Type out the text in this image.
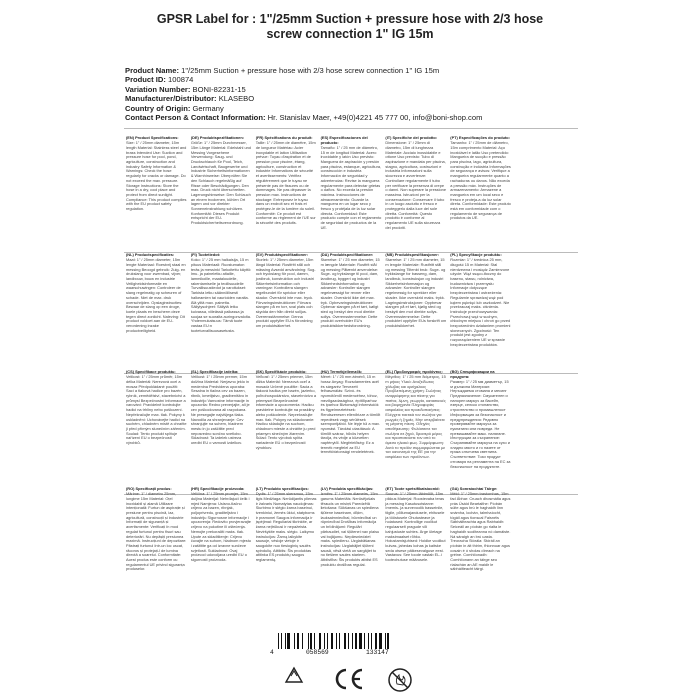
GPSR Label for : 1"/25mm Suction + pressure hose with 2/3 hose
screw connection 1" IG 15m
Product Name: 1"/25mm Suction + pressure hose with 2/3 hose screw connection 1" IG 15m
Product ID: 100874
Variation Number: BONI-82231-15
Manufacturer/Distributor: KLASEBO
Country of Origin: Germany
Contact Person & Contact Information: Hr. Stanislav Maer, +49(0)4221 45 777 00, info@boni-shop.com
(EN) Product Specifications:

Size: 1" / 25mm diameter, 15m length Material: Stainless steel and brass Intended Use: Suction and pressure hose for pool, pond, agriculture, construction and industry Safety Information & Warnings: Check the hose regularly for cracks or damage. Do not exceed the max. pressure. Storage Instructions: Store the hose in a dry, cool place and protect from direct sunlight. Compliance: This product complies with the EU product safety regulation.

(DE) Produktspezifikationen:

Größe: 1" / 25mm Durchmesser, 15m Länge Material: Edelstahl und Messing Vorgesehene Verwendung: Saug- und Druckschlauch für Pool, Teich, Landwirtschaft, Baugewerbe und Industrie Sicherheitsinformationen & Warnhinweise: Überprüfen Sie den Schlauch regelmäßig auf Risse oder Beschädigungen. Den max. Druck nicht überschreiten. Lagerungshinweise: Den Schlauch an einem trockenen, kühlen Ort lagern und vor direkter Sonneneinstrahlung schützen. Konformität: Dieses Produkt entspricht der EU-Produktsicherheitsverordnung.

(FR) Spécifications du produit:

Taille: 1" / 25mm de diamètre, 15m de longueur Matériau: Acier inoxydable et laiton Utilisation prévue: Tuyau d'aspiration et de pression pour piscine, étang, agriculture, construction et industrie Informations de sécurité et avertissements: Vérifiez régulièrement que le tuyau ne présente pas de fissures ou de dommages. Ne pas dépasser la pression max. Instructions de stockage: Entreposez le tuyau dans un endroit sec et frais et protégez-le de la lumière du soleil. Conformité: Ce produit est conforme au règlement de l'UE sur la sécurité des produits.

(ES) Especificaciones del producto:

Tamaño: 1" / 25 mm de diámetro, 15 m de longitud Material: Acero inoxidable y latón Uso previsto: Manguera de aspiración y presión para piscina, estanque, agricultura, construcción e industria Información de seguridad y advertencias: Revise la manguera regularmente para detectar grietas o daños. No exceda la presión máxima. Instrucciones de almacenamiento: Guarde la manguera en un lugar seco y fresco y protéjala de la luz solar directa. Conformidad: Este producto cumple con el reglamento de seguridad de productos de la UE.

(IT) Specifiche del prodotto:

Dimensione: 1" / 25mm di diametro, 15m di lunghezza Materiale: Acciaio inossidabile e ottone Uso previsto: Tubo di aspirazione e mandata per piscina, stagno, agricoltura, costruzioni e industria Informazioni sulla sicurezza e avvertenze: Controllare regolarmente il tubo per verificare la presenza di crepe o danni. Non superare la pressione massima. Istruzioni per la conservazione: Conservare il tubo in un luogo asciutto e fresco e proteggerlo dalla luce del sole diretta. Conformità: Questo prodotto è conforme al regolamento UE sulla sicurezza dei prodotti.

(PT) Especificações do produto:

Tamanho: 1" / 25mm de diâmetro, 15m comprimento Material: Aço inoxidável e latão Uso pretendido: Mangueira de sucção e pressão para piscina, lago, agricultura, construção e indústria Informações de segurança e avisos: Verifique a mangueira regularmente quanto a rachaduras ou danos. Não exceda a pressão máx. Instruções de armazenamento: Armazene a mangueira em um local seco e fresco e proteja-a da luz solar direta. Conformidade: Este produto está em conformidade com o regulamento de segurança de produtos da UE.

(NL) Productspecificaties:

Maat: 1" / 25mm diameter, 15m lengte Materiaal: Roestvrij staal en messing Beoogd gebruik: Zuig- en drukslang voor zwembad, vijver, landbouw, bouw en industrie Veiligheidsinformatie en waarschuwingen: Controleer de slang regelmatig op scheuren of schade. Niet de max. druk overschrijden. Opslaginstructies: Bewaar de slang op een droge, koele plaats en bescherm deze tegen direct zonlicht. Naleving: Dit product voldoet aan de EU-verordening inzake productveiligheid.

(FI) Tuotetiedot:

Koko: 1" / 25 mm halkaisija, 15 m pituus Materiaali: Ruostumaton teräs ja messinki Tarkoitettu käyttö: Imu- ja paineletku altaille, lammikoille, maataloudelle, rakentamiselle ja teollisuudelle Turvallisuustiedot ja varoitukset: Tarkista letku säännöllisesti halkeamien tai vaurioiden varalta. Älä ylitä max. painetta. Säilytysohjeet: Säilytä letku kuivassa, viileässä paikassa ja suojaa se suoralta auringonvalolta. Yhdenmukaisuus: Tämä tuote vastaa EU:n tuoteturvallisuusasetusta.

(SV) Produktspecifikationer:

Storlek: 1" / 25mm diameter, 15m längd Material: Rostfritt stål och mässing Avsedd användning: Sug- och tryckslang för pool, damm, jordbruk, konstruktion och industri Säkerhetsinformation och varningar: Kontrollera slangen regelbundet för sprickor eller skador. Överskrid inte max. tryck. Förvaringsinstruktioner: Förvara slangen på en torr, sval plats och skydda den från direkt solljus. Överensstämmelse: Denna produkt uppfyller EU:s förordning om produktsäkerhet.

(DA) Produktspecifikationer:

Størrelse: 1" / 25 mm diameter, 15 m længde Materiale: Rustfrit stål og messing Påtænkt anvendelse: Suge- og trykslange til pool, dam, landbrug, byggeri og industri Sikkerhedsinformation og advarsler: Kontroller slangen regelmæssigt for revner eller skader. Overskrid ikke det max. tryk. Opbevaringsinstruktioner: Opbevar slangen på et tørt, køligt sted og beskyt den mod direkte sollys. Overensstemmelse: Dette produkt overholder EU's produktsikkerhedsforordning.

(NB) Produktspesifikasjoner:

Størrelse: 1" / 25 mm diameter, 15 m lengde Materiale: Rustfritt stål og messing Tiltenkt bruk: Suge- og trykkslange for basseng, dam, landbruk, konstruksjon og industri Sikkerhetsinformasjon og advarsler: Kontroller slangen regelmessig for sprekker eller skader. Ikke overskrid maks. trykk. Lagringsinstruksjoner: Oppbevar slangen på et tørt, kjølig sted og beskytt den mot direkte sollys. Overensstemmelse: Dette produktet oppfyller EUs forskrift om produktsikkerhet.

(PL) Specyfikacje produktu:

Rozmiar: 1" / średnica 25 mm, długość 15 m Materiał: Stal nierdzewna i mosiądz Zamierzone użycie: Wąż ssąco-tłoczny do basenu, stawu, rolnictwa, budownictwa i przemysłu Informacje dotyczące bezpieczeństwa i ostrzeżenia: Regularnie sprawdzaj wąż pod kątem pęknięć lub uszkodzeń. Nie przekraczaj maks. ciśnienia. Instrukcje przechowywania: Przechowuj wąż w suchym, chłodnym miejscu i chroń go przed bezpośrednim działaniem promieni słonecznych. Zgodność: Ten produkt jest zgodny z rozporządzeniem UE w sprawie bezpieczeństwa produktów.

(CS) Specifikace produktu:

Velikost: 1" / 25mm průměr, 15m délka Materiál: Nerezová ocel a mosaz Předpokládané použití: Sací a tlaková hadice pro bazén, rybník, zemědělství, stavebnictví a průmysl Bezpečnostní informace a varování: Pravidelně kontrolujte hadici na trhliny nebo poškození. Nepřekračujte max. tlak. Pokyny k uskladnění: Uchovávejte hadici na suchém, chladném místě a chraňte ji před přímým slunečním zářením. Soulad: Tento produkt splňuje nařízení EU o bezpečnosti výrobků.

(SL) Specifikacije izdelka:

Velikost: 1" / 25mm premer, 15m dolžina Material: Nerjavno jeklo in medenina Predvidena uporaba: Sesalna in tlačna cev za bazen, ribnik, kmetijstvo, gradbeništvo in industrijo Varnostne informacije in opozorila: Redno preverjajte, ali je cev poškodovana ali razpokana. Ne presegajte najvišjega tlaka. Navodila za shranjevanje: Cev shranjujte na suhem, hladnem mestu in jo zaščitite pred neposredno sončno svetlobo. Skladnost: Ta izdelek ustreza uredbi EU o varnosti izdelkov.

(SK) Špecifikácie produktu:

Veľkosť: 1" / 25mm priemer, 15m dĺžka Materiál: Nerezová oceľ a mosadz Určené použitie: Sacia a tlaková hadica pre bazén, jazierko, poľnohospodárstvo, stavebníctvo a priemysel Bezpečnostné informácie a upozornenia: Hadicu pravidelne kontrolujte na praskliny alebo poškodenie. Neprekračujte max. tlak. Pokyny na skladovanie: Hadicu skladujte na suchom, chladnom mieste a chráňte ju pred priamym slnečným žiarením. Súlad: Tento výrobok spĺňa nariadenie EÚ o bezpečnosti výrobkov.

(HU) Termékjellemzők:

Méret: 1" / 25 mm átmérő, 15 m hossz Anyag: Rozsdamentes acél és sárgaréz Tervezett felhasználás: Szívó- és nyomótömlő medencéhez, tóhoz, mezőgazdasághoz, építőiparhoz és iparhoz Biztonsági információk és figyelmeztetések: Rendszeresen ellenőrizze a tömlőt repedések vagy sérülések szempontjából. Ne lépje túl a max. nyomást. Tárolási utasítások: A tömlőt száraz, hűvös helyen tárolja, és védje a közvetlen napfénytől. Megfelelőség: Ez a termék megfelel az EU termékbiztonsági rendeletének.

(EL) Προδιαγραφές προϊόντος:

Μέγεθος: 1" / 25 mm διάμετρος, 15 m μήκος Υλικό: Ανοξείδωτος χάλυβας και ορείχαλκος Προβλεπόμενη χρήση: Σωλήνας αναρρόφησης και πίεσης για πισίνα, λίμνη, γεωργία, κατασκευές και βιομηχανία Πληροφορίες ασφαλείας και προειδοποιήσεις: Ελέγχετε τακτικά τον σωλήνα για ρωγμές ή ζημιές. Μην υπερβαίνετε τη μέγιστη πίεση. Οδηγίες αποθήκευσης: Φυλάσσετε τον σωλήνα σε ξηρό, δροσερό μέρος και προστατεύστε τον από το άμεσο ηλιακό φως. Συμμόρφωση: Αυτό το προϊόν συμμορφώνεται με τον κανονισμό της ΕΕ για την ασφάλεια των προϊόντων.

(BG) Спецификации на продукта:

Размер: 1" / 25 мм диаметър, 15 м дължина Материал: Неръждаема стомана и месинг Предназначение: Смукателен и напорен маркуч за басейн, езерце, селско стопанство, строителство и промишленост Информация за безопасност и предупреждения: Редовно проверявайте маркуча за пукнатини или повреди. Не превишавайте макс. налягане. Инструкции за съхранение: Съхранявайте маркуча на сухо и хладно място и го пазете от пряка слънчева светлина. Съответствие: Този продукт отговаря на регламента на ЕС за безопасност на продуктите.

(RO) Specificații produs:

Mărime: 1" / diametru 25mm, lungime 15m Material: Oțel inoxidabil și alamă Utilizare intenționată: Furtun de aspirație și presiune pentru piscină, iaz, agricultură, construcții și industrie Informații de siguranță și avertismente: Verificați în mod regulat furtunul pentru fisuri sau deteriorări. Nu depășiți presiunea maximă. Instrucțiuni de depozitare: Păstrați furtunul într-un loc uscat, răcoros și protejați-l de lumina directă a soarelui. Conformitate: Acest produs este conform cu regulamentul UE privind siguranța produselor.

(HR) Specifikacije proizvoda:

Veličina: 1" / 25mm promjer, 15m duljina Materijal: Nehrđajući čelik i mjed Namjena: Usisno-tlačno crijevo za bazen, ribnjak, poljoprivredu, graditeljstvo i industriju Sigurnosne informacije i upozorenja: Redovito provjeravajte crijevo na pukotine ili oštećenja. Nemojte prekoračiti maks. tlak. Upute za skladištenje: Crijevo čuvajte na suhom, hladnom mjestu i zaštitite ga od izravne sunčeve svjetlosti. Sukladnost: Ovaj proizvod udovoljava uredbi EU o sigurnosti proizvoda.

(LT) Produkto specifikacijos:

Dydis: 1" / 25mm skersmuo, 15m ilgis Medžiaga: Nerūdijantis plienas ir žalvaris Numatytas naudojimas: Siurbimo ir slėgio žarna baseinui, tvenkiniui, žemės ūkiui, statyboms ir pramonei Saugos informacija ir įspėjimai: Reguliariai tikrinkite, ar žarna neįtrūkusi ir nepažeista. Neviršykite maks. slėgio. Laikymo instrukcijos: Žarną laikykite sausoje, vėsioje vietoje ir saugokite nuo tiesioginių saulės spindulių. Atitiktis: Šis produktas atitinka ES produktų saugos reglamentą.

(LV) Produkta specifikācijas:

Izmērs: 1" / 25mm diametrs, 15m garums Materiāls: Nerūsējošais tērauds un misiņš Paredzētā lietošana: Sūkšanas un spiediena šļūtene baseinam, dīķim, lauksaimniecībai, būvniecībai un rūpniecībai Drošības informācija un brīdinājumi: Regulāri pārbaudiet, vai šļūtenei nav plaisu vai bojājumu. Nepārsniedziet maks. spiedienu. Uzglabāšanas instrukcijas: Uzglabājiet šļūteni sausā, vēsā vietā un sargājiet to no tiešiem saules stariem. Atbilstība: Šis produkts atbilst ES produktu drošības regulai.

(ET) Toote spetsifikatsioonid:

Suurus: 1" / 25mm läbimõõt, 15m pikkus Materjal: Roostevaba teras ja messing Kasutusotstarve: Imemis- ja survevoolik basseinile, tiigile, põllumajandusele, ehitusele ja tööstusele Ohutusteave ja hoiatused: Kontrollige voolikut regulaarselt pragude või kahjustuste suhtes. Ärge ületage maksimaalset rõhku. Hoiustamisjuhised: Hoidke voolikut kuivas, jahedas kohas ja kaitske seda otsese päikesevalguse eest. Vastavus: See toode vastab EL-i tooteohutuse määrusele.

(GA) Sonraíochtaí Táirge:

Méid: 1" / 25mm trastomhas, 15m fad Ábhar: Cruach dhosmálta agus prás Úsáid Beartaithe: Píobán súite agus brú le haghaidh linn snámha, lochán, talmhaíocht, tógáil agus tionscal Faisnéis Sábháilteachta agus Rabhaidh: Seiceáil an píobán go rialta le haghaidh scoilteanna nó damáiste. Ná sáraigh an brú uasta. Treoracha Stórála: Stóráil an píobán in áit thirim, fhionnuar agus cosain é ó sholas díreach na gréine. Comhlíonadh: Comhlíonann an táirge seo rialachán an AE maidir le sábháilteacht táirgí.

4	058569	133147
